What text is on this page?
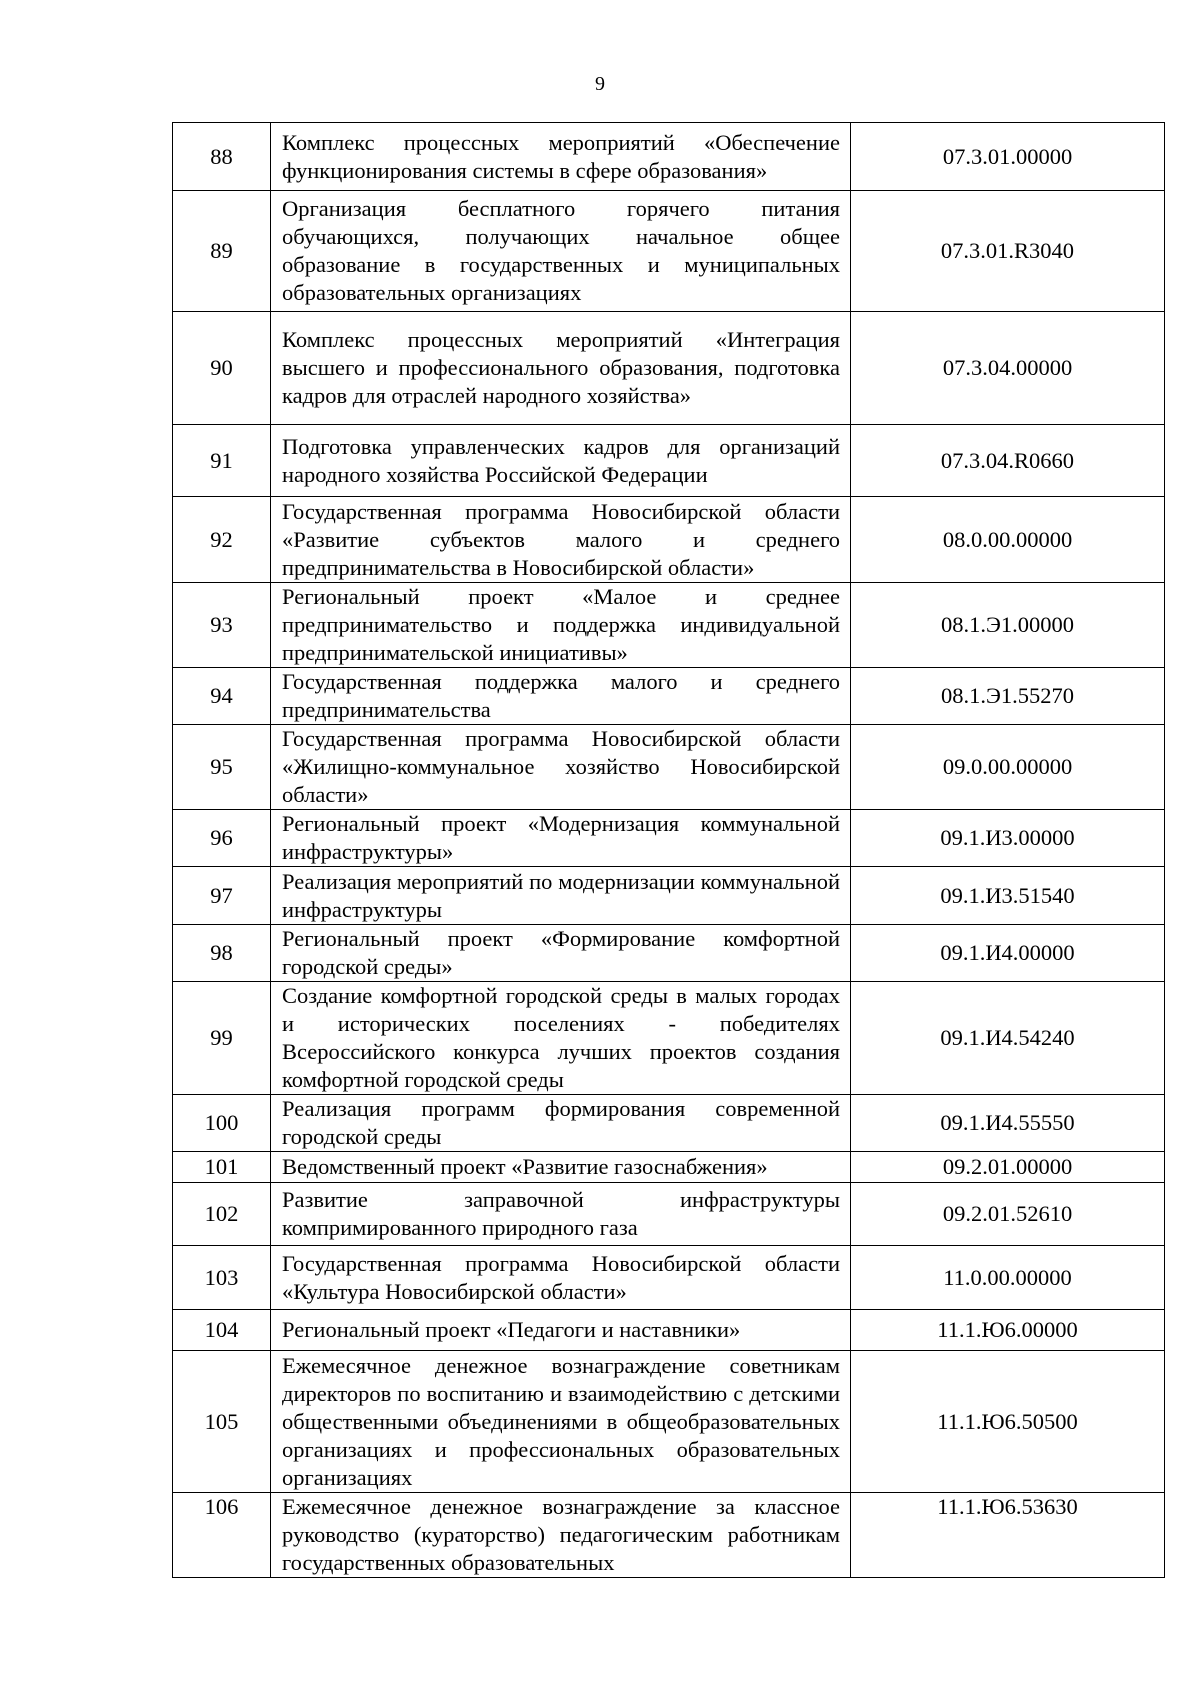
9
88	Комплекс процессных мероприятий «Обеспечение функционирования системы в сфере образования»	07.3.01.00000
89	Организация бесплатного горячего питания обучающихся, получающих начальное общее образование в государственных и муниципальных образовательных организациях	07.3.01.R3040
90	Комплекс процессных мероприятий «Интеграция высшего и профессионального образования, подготовка кадров для отраслей народного хозяйства»	07.3.04.00000
91	Подготовка управленческих кадров для организаций народного хозяйства Российской Федерации	07.3.04.R0660
92	Государственная программа Новосибирской области «Развитие субъектов малого и среднего предпринимательства в Новосибирской области»	08.0.00.00000
93	Региональный проект «Малое и среднее предпринимательство и поддержка индивидуальной предпринимательской инициативы»	08.1.Э1.00000
94	Государственная поддержка малого и среднего предпринимательства	08.1.Э1.55270
95	Государственная программа Новосибирской области «Жилищно-коммунальное хозяйство Новосибирской области»	09.0.00.00000
96	Региональный проект «Модернизация коммунальной инфраструктуры»	09.1.И3.00000
97	Реализация мероприятий по модернизации коммунальной инфраструктуры	09.1.И3.51540
98	Региональный проект «Формирование комфортной городской среды»	09.1.И4.00000
99	Создание комфортной городской среды в малых городах и исторических поселениях - победителях Всероссийского конкурса лучших проектов создания комфортной городской среды	09.1.И4.54240
100	Реализация программ формирования современной городской среды	09.1.И4.55550
101	Ведомственный проект «Развитие газоснабжения»	09.2.01.00000
102	Развитие заправочной инфраструктуры компримированного природного газа	09.2.01.52610
103	Государственная программа Новосибирской области «Культура Новосибирской области»	11.0.00.00000
104	Региональный проект «Педагоги и наставники»	11.1.Ю6.00000
105	Ежемесячное денежное вознаграждение советникам директоров по воспитанию и взаимодействию с детскими общественными объединениями в общеобразовательных организациях и профессиональных образовательных организациях	11.1.Ю6.50500
106	Ежемесячное денежное вознаграждение за классное руководство (кураторство) педагогическим работникам государственных образовательных	11.1.Ю6.53630
